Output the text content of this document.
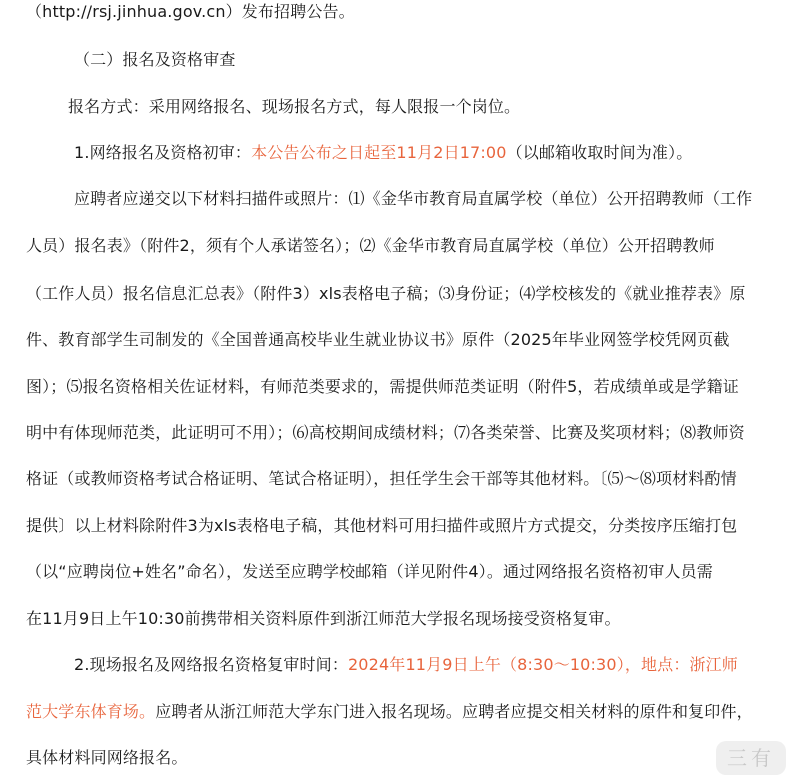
（http://rsj.jinhua.gov.cn）发布招聘公告。
（二）报名及资格审查
报名方式：采用网络报名、现场报名方式，每人限报一个岗位。
1.网络报名及资格初审：本公告公布之日起至11月2日17:00（以邮箱收取时间为准）。
应聘者应递交以下材料扫描件或照片：⑴《金华市教育局直属学校（单位）公开招聘教师（工作
人员）报名表》（附件2，须有个人承诺签名）；⑵《金华市教育局直属学校（单位）公开招聘教师
（工作人员）报名信息汇总表》（附件3）xls表格电子稿；⑶身份证；⑷学校核发的《就业推荐表》原
件、教育部学生司制发的《全国普通高校毕业生就业协议书》原件（2025年毕业网签学校凭网页截
图）；⑸报名资格相关佐证材料，有师范类要求的，需提供师范类证明（附件5，若成绩单或是学籍证
明中有体现师范类，此证明可不用）；⑹高校期间成绩材料；⑺各类荣誉、比赛及奖项材料；⑻教师资
格证（或教师资格考试合格证明、笔试合格证明），担任学生会干部等其他材料。〔⑸～⑻项材料酌情
提供〕以上材料除附件3为xls表格电子稿，其他材料可用扫描件或照片方式提交，分类按序压缩打包
（以“应聘岗位+姓名”命名），发送至应聘学校邮箱（详见附件4）。通过网络报名资格初审人员需
在11月9日上午10:30前携带相关资料原件到浙江师范大学报名现场接受资格复审。
2.现场报名及网络报名资格复审时间：2024年11月9日上午（8:30～10:30），地点：浙江师
范大学东体育场。应聘者从浙江师范大学东门进入报名现场。应聘者应提交相关材料的原件和复印件，
具体材料同网络报名。	三有
